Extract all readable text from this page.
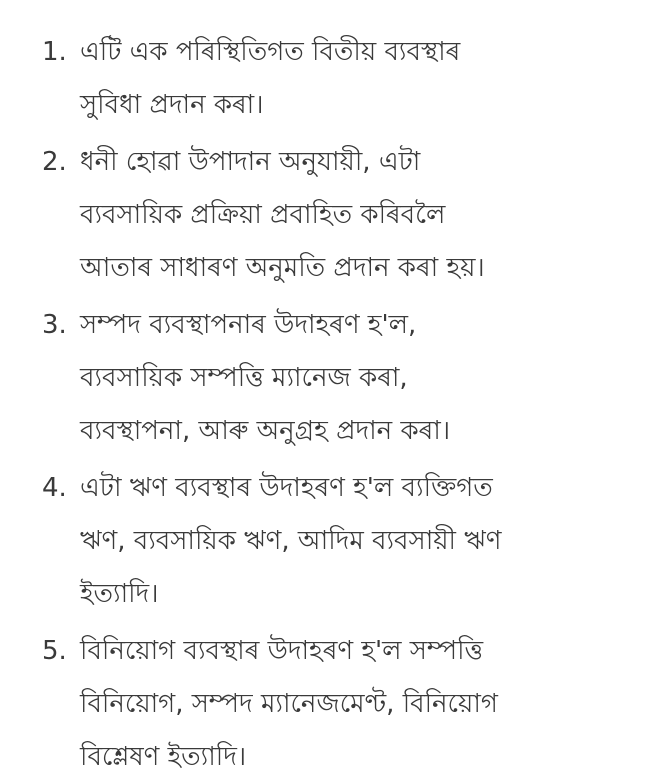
1. এটি এক পৰিস্থিতিগত বিতীয় ব্যবস্থাৰ
সুবিধা প্ৰদান কৰা।
2. ধনী হোৱা উপাদান অনুযায়ী, এটা
ব্যবসায়িক প্ৰক্ৰিয়া প্ৰবাহিত কৰিবলৈ
আতাৰ সাধাৰণ অনুমতি প্ৰদান কৰা হয়।
3. সম্পদ ব্যবস্থাপনাৰ উদাহৰণ হ'ল,
ব্যবসায়িক সম্পত্তি ম্যানেজ কৰা,
ব্যবস্থাপনা, আৰু অনুগ্ৰহ প্ৰদান কৰা।
4. এটা ঋণ ব্যবস্থাৰ উদাহৰণ হ'ল ব্যক্তিগত
ঋণ, ব্যবসায়িক ঋণ, আদিম ব্যবসায়ী ঋণ
ইত্যাদি।
5. বিনিয়োগ ব্যবস্থাৰ উদাহৰণ হ'ল সম্পত্তি
বিনিয়োগ, সম্পদ ম্যানেজমেণ্ট, বিনিয়োগ
বিশ্লেষণ ইত্যাদি।
